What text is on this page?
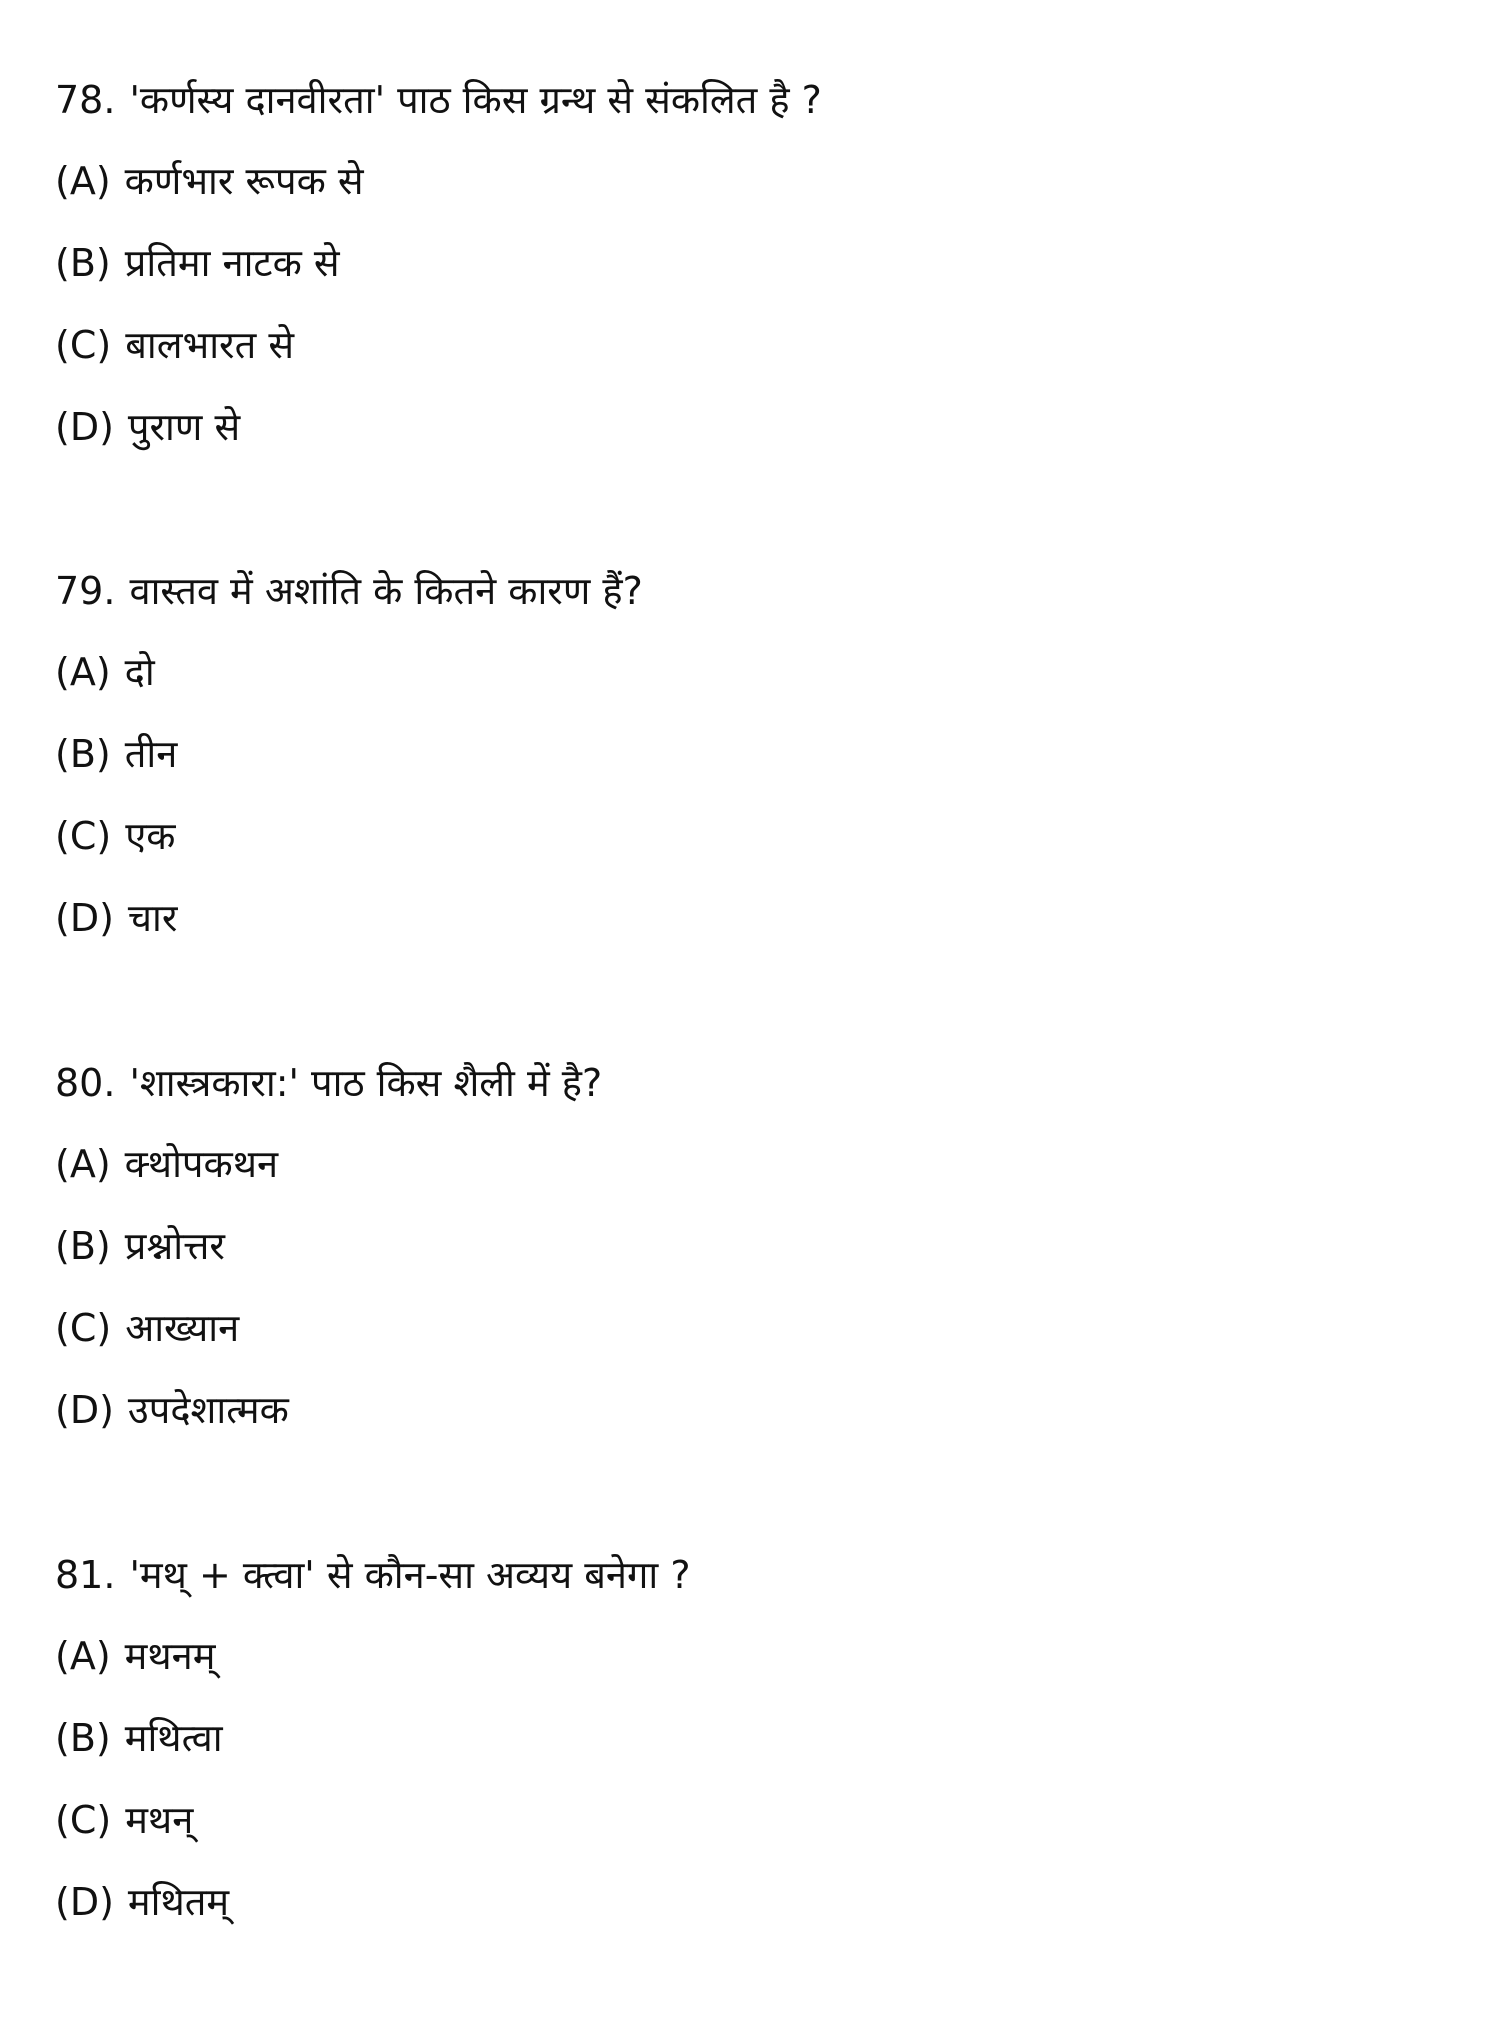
78. 'कर्णस्य दानवीरता' पाठ किस ग्रन्थ से संकलित है ?
(A) कर्णभार रूपक से
(B) प्रतिमा नाटक से
(C) बालभारत से
(D) पुराण से
79. वास्तव में अशांति के कितने कारण हैं?
(A) दो
(B) तीन
(C) एक
(D) चार
80. 'शास्त्रकारा:' पाठ किस शैली में है?
(A) क्थोपकथन
(B) प्रश्नोत्तर
(C) आख्यान
(D) उपदेशात्मक
81. 'मथ् + क्त्वा' से कौन-सा अव्यय बनेगा ?
(A) मथनम्
(B) मथित्वा
(C) मथन्
(D) मथितम्
